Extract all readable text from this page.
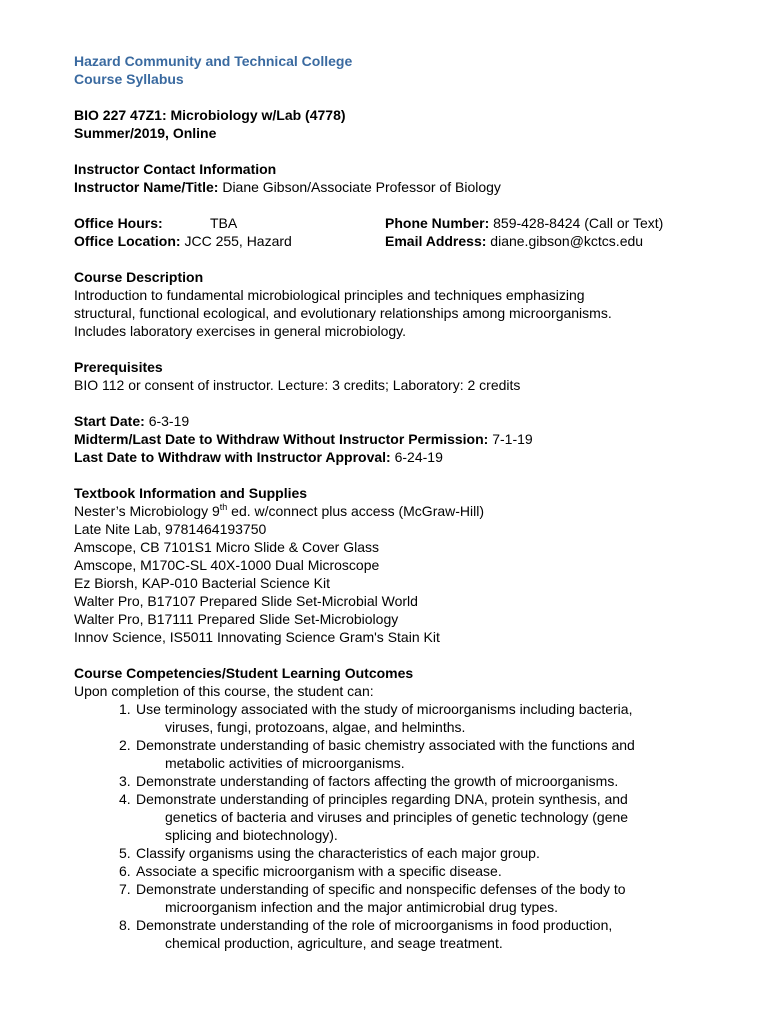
Hazard Community and Technical College
Course Syllabus
BIO 227 47Z1: Microbiology w/Lab (4778)
Summer/2019, Online
Instructor Contact Information
Instructor Name/Title: Diane Gibson/Associate Professor of Biology
Office Hours:	TBA	Phone Number: 859-428-8424 (Call or Text)
Office Location: JCC 255, Hazard	Email Address: diane.gibson@kctcs.edu
Course Description
Introduction to fundamental microbiological principles and techniques emphasizing
structural, functional ecological, and evolutionary relationships among microorganisms.
Includes laboratory exercises in general microbiology.
Prerequisites
BIO 112 or consent of instructor. Lecture: 3 credits; Laboratory: 2 credits
Start Date: 6-3-19
Midterm/Last Date to Withdraw Without Instructor Permission: 7-1-19
Last Date to Withdraw with Instructor Approval: 6-24-19
Textbook Information and Supplies
Nester’s Microbiology 9th ed. w/connect plus access (McGraw-Hill)
Late Nite Lab, 9781464193750
Amscope, CB 7101S1 Micro Slide & Cover Glass
Amscope, M170C-SL 40X-1000 Dual Microscope
Ez Biorsh, KAP-010 Bacterial Science Kit
Walter Pro, B17107 Prepared Slide Set-Microbial World
Walter Pro, B17111 Prepared Slide Set-Microbiology
Innov Science, IS5011 Innovating Science Gram's Stain Kit
Course Competencies/Student Learning Outcomes
Upon completion of this course, the student can:
1. Use terminology associated with the study of microorganisms including bacteria,
viruses, fungi, protozoans, algae, and helminths.
2. Demonstrate understanding of basic chemistry associated with the functions and
metabolic activities of microorganisms.
3. Demonstrate understanding of factors affecting the growth of microorganisms.
4. Demonstrate understanding of principles regarding DNA, protein synthesis, and
genetics of bacteria and viruses and principles of genetic technology (gene
splicing and biotechnology).
5. Classify organisms using the characteristics of each major group.
6. Associate a specific microorganism with a specific disease.
7. Demonstrate understanding of specific and nonspecific defenses of the body to
microorganism infection and the major antimicrobial drug types.
8. Demonstrate understanding of the role of microorganisms in food production,
chemical production, agriculture, and seage treatment.
